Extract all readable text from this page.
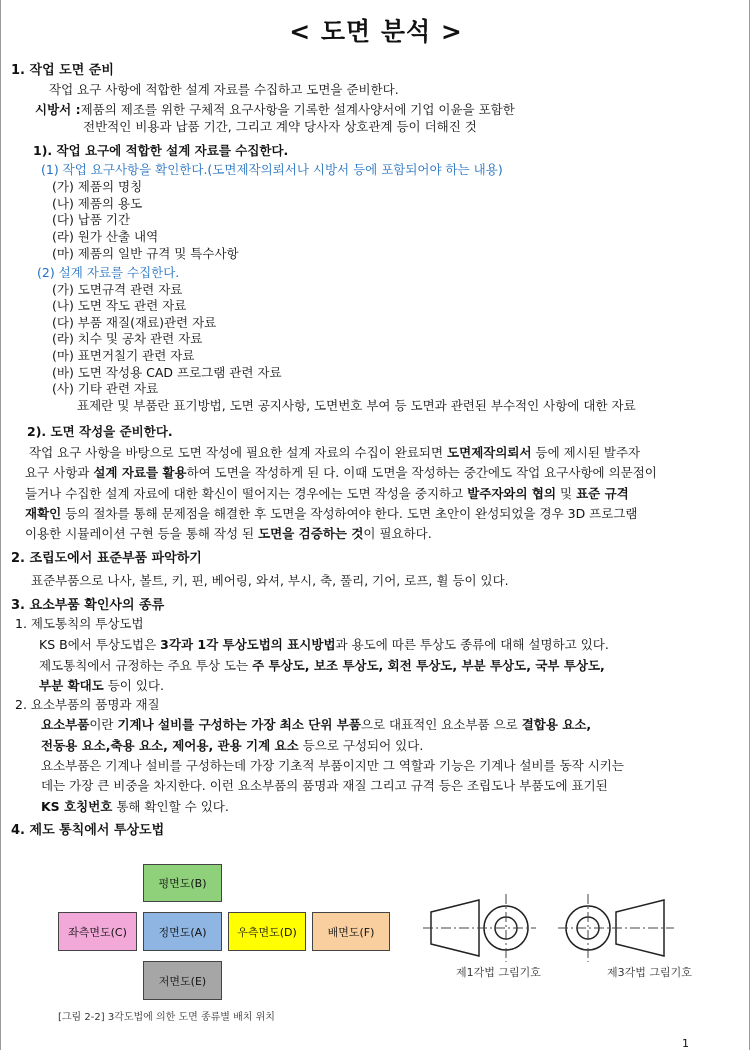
< 도면 분석 >
1. 작업 도면 준비
작업 요구 사항에 적합한 설계 자료를 수집하고 도면을 준비한다.
시방서 :제품의 제조를 위한 구체적 요구사항을 기록한 설계사양서에 기업 이윤을 포함한
전반적인 비용과 납품 기간, 그리고 계약 당사자 상호관계 등이 더해진 것
1). 작업 요구에 적합한 설계 자료를 수집한다.
(1) 작업 요구사항을 확인한다.(도면제작의뢰서나 시방서 등에 포함되어야 하는 내용)
(가) 제품의 명칭
(나) 제품의 용도
(다) 납품 기간
(라) 원가 산출 내역
(마) 제품의 일반 규격 및 특수사항
(2) 설계 자료를 수집한다.
(가) 도면규격 관련 자료
(나) 도면 작도 관련 자료
(다) 부품 재질(재료)관련 자료
(라) 치수 및 공차 관련 자료
(마) 표면거칠기 관련 자료
(바) 도면 작성용 CAD 프로그램 관련 자료
(사) 기타 관련 자료
표제란 및 부품란 표기방법, 도면 공지사항, 도면번호 부여 등 도면과 관련된 부수적인 사항에 대한 자료
2). 도면 작성을 준비한다.
작업 요구 사항을 바탕으로 도면 작성에 필요한 설계 자료의 수집이 완료되면 도면제작의뢰서 등에 제시된 발주자
요구 사항과 설계 자료를 활용하여 도면을 작성하게 된 다. 이때 도면을 작성하는 중간에도 작업 요구사항에 의문점이
들거나 수집한 설계 자료에 대한 확신이 떨어지는 경우에는 도면 작성을 중지하고 발주자와의 협의 및 표준 규격
재확인 등의 절차를 통해 문제점을 해결한 후 도면을 작성하여야 한다. 도면 초안이 완성되었을 경우 3D 프로그램
이용한 시뮬레이션 구현 등을 통해 작성 된 도면을 검증하는 것이 필요하다.
2. 조립도에서 표준부품 파악하기
표준부품으로 나사, 볼트, 키, 핀, 베어링, 와셔, 부시, 축, 풀리, 기어, 로프, 휠 등이 있다.
3. 요소부품 확인사의 종류
1. 제도통칙의 투상도법
KS B에서 투상도법은 3각과 1각 투상도법의 표시방법과 용도에 따른 투상도 종류에 대해 설명하고 있다.
제도통칙에서 규정하는 주요 투상 도는 주 투상도, 보조 투상도, 회전 투상도, 부분 투상도, 국부 투상도,
부분 확대도 등이 있다.
2. 요소부품의 품명과 재질
요소부품이란 기계나 설비를 구성하는 가장 최소 단위 부품으로 대표적인 요소부품 으로 결합용 요소,
전동용 요소,축용 요소, 제어용, 관용 기계 요소 등으로 구성되어 있다.
요소부품은 기계나 설비를 구성하는데 가장 기초적 부품이지만 그 역할과 기능은 기계나 설비를 동작 시키는
데는 가장 큰 비중을 차지한다. 이런 요소부품의 품명과 재질 그리고 규격 등은 조립도나 부품도에 표기된
KS 호칭번호 통해 확인할 수 있다.
4. 제도 통칙에서 투상도법
평면도(B)
좌측면도(C)	정면도(A)	우측면도(D)	배면도(F)
저면도(E)
[그림 2-2] 3각도법에 의한 도면 종류별 배치 위치
제1각법 그림기호	제3각법 그림기호
1
